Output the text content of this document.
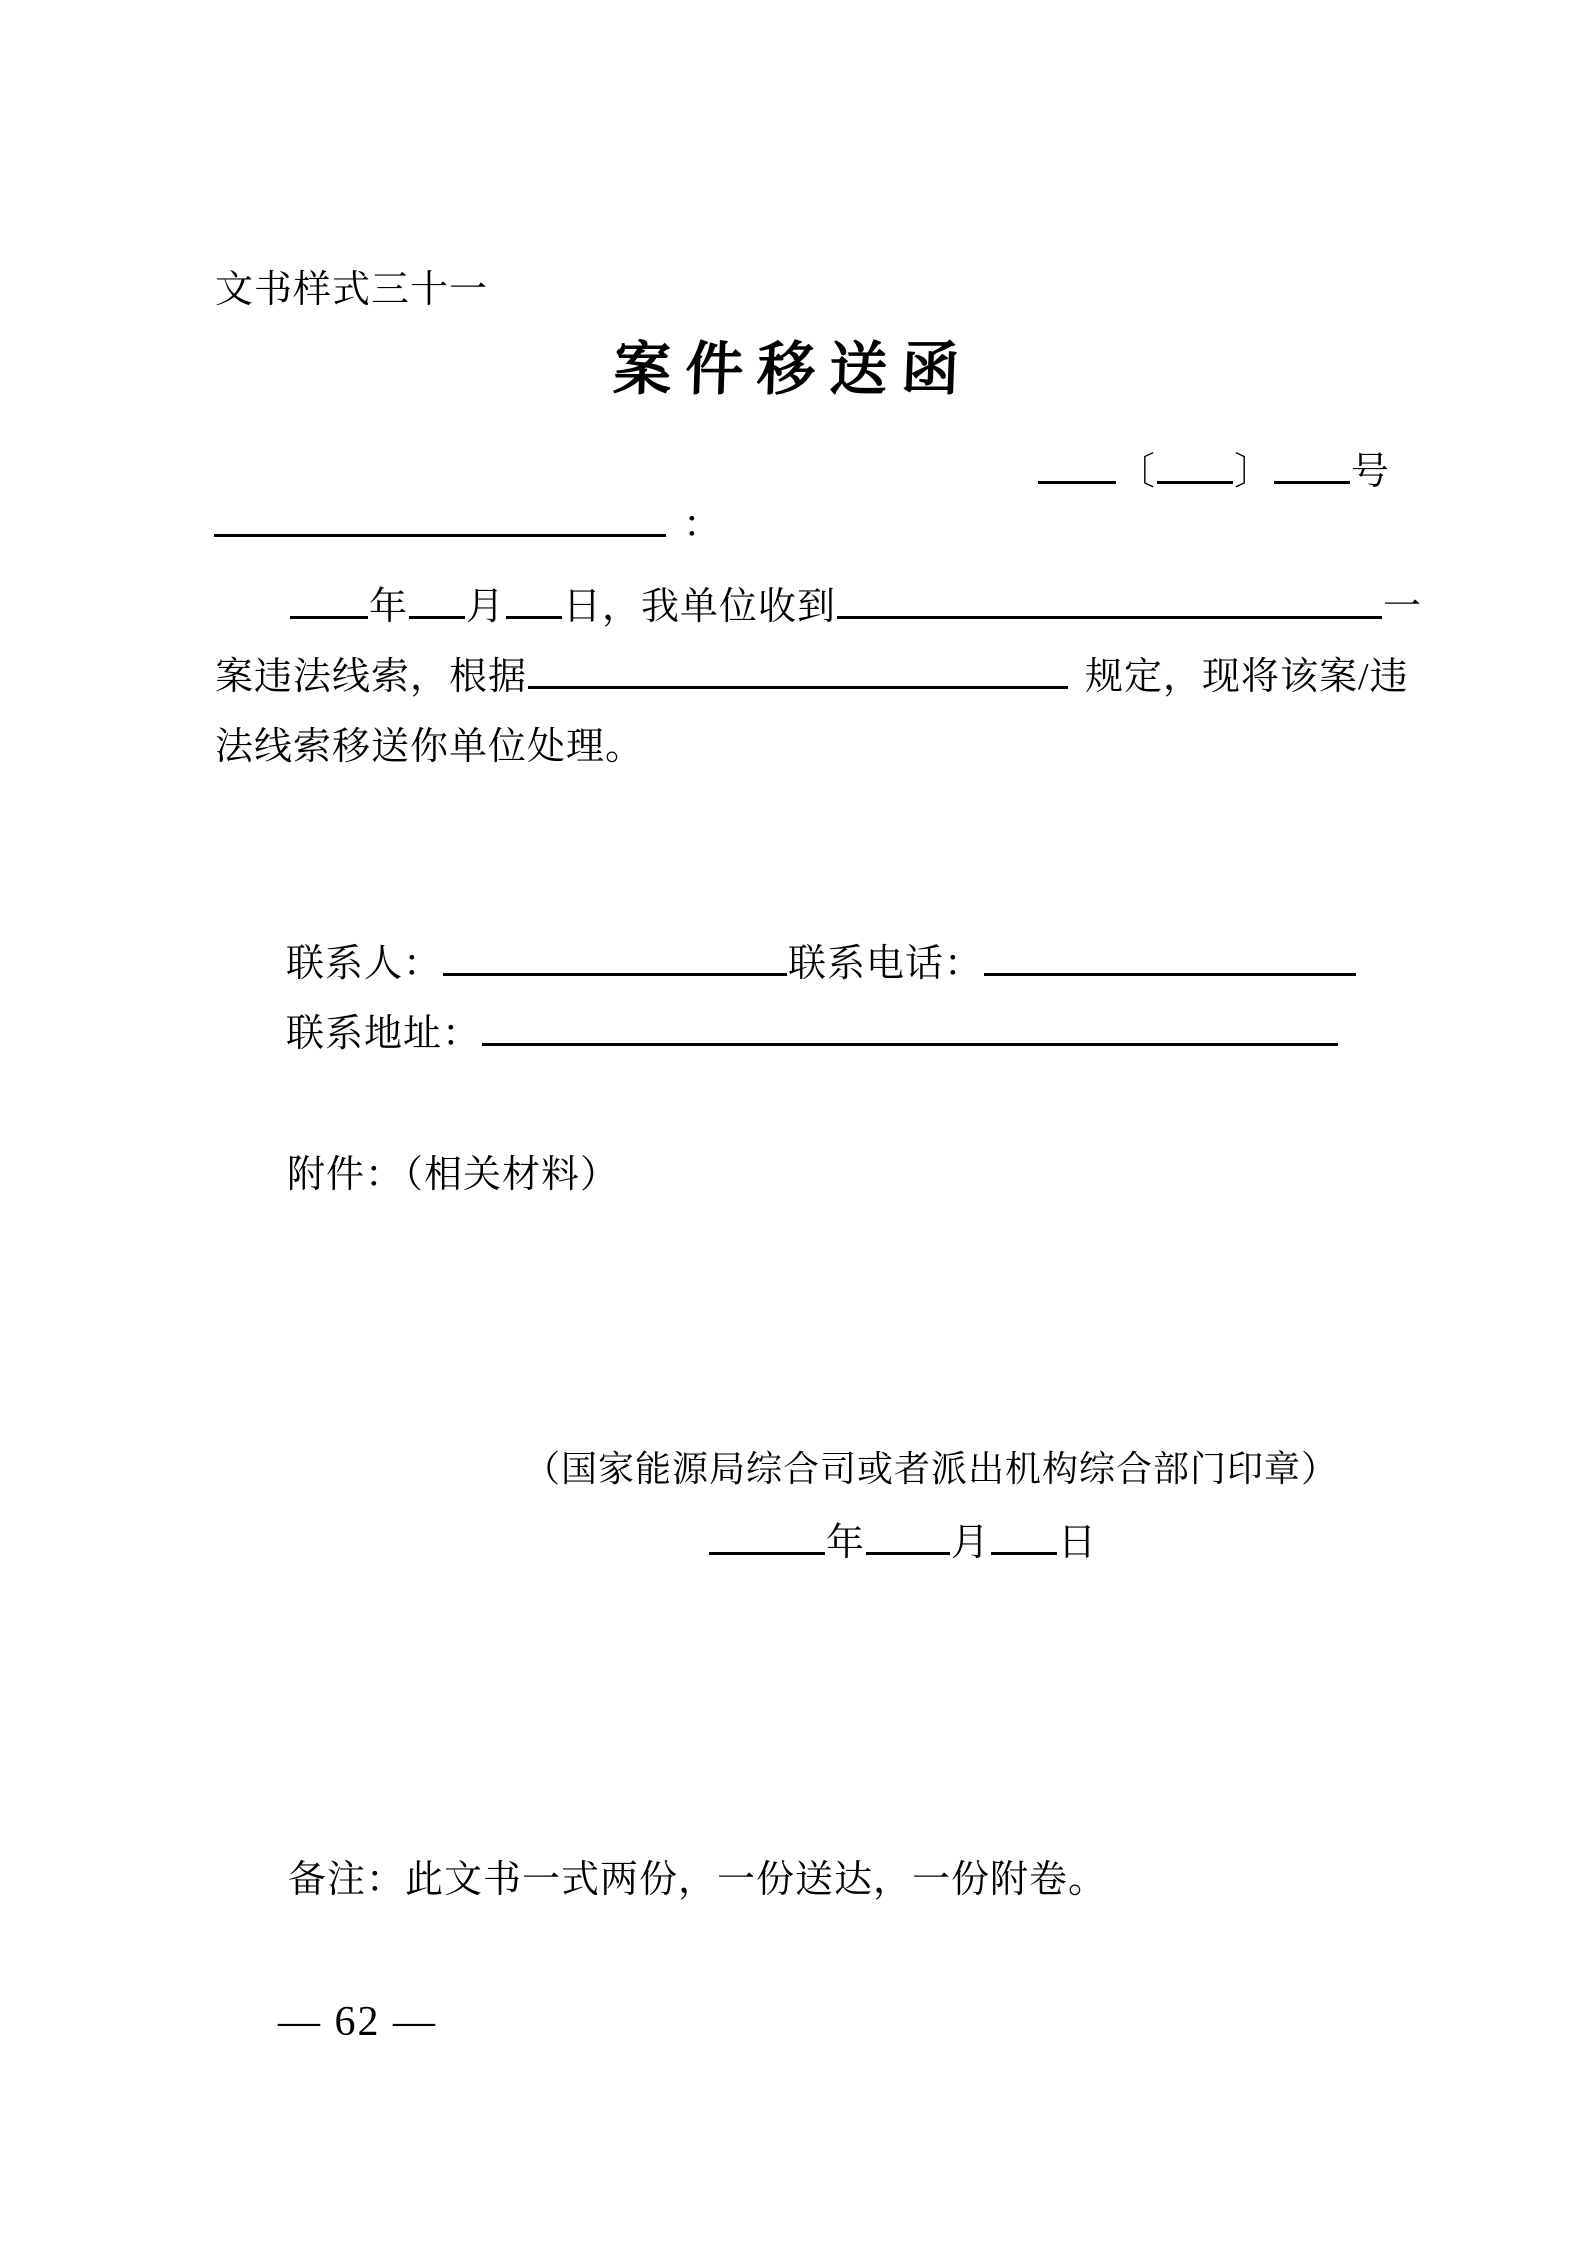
文书样式三十一
案件移送函
〔 〕 号
：
年 月 日，我单位收到	一
案违法线索，根据	规定，现将该案/违
法线索移送你单位处理。
联系人：	联系电话：
联系地址：
附件：（相关材料）
（国家能源局综合司或者派出机构综合部门印章）
年 月 日
备注：此文书一式两份，一份送达，一份附卷。
— 62 —
